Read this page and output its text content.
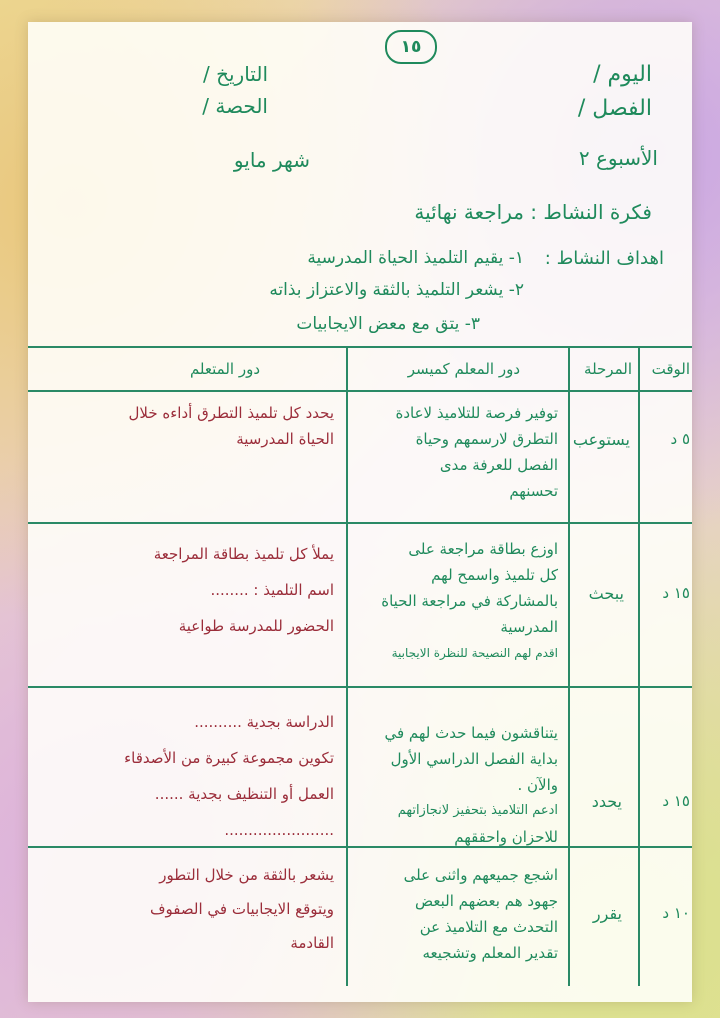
١٥
اليوم /
الفصل /
التاريخ /
الحصة /
الأسبوع ٢
شهر مايو
فكرة النشاط : مراجعة نهائية
اهداف النشاط :
١- يقيم التلميذ الحياة المدرسية
٢- يشعر التلميذ بالثقة والاعتزاز بذاته
٣- يتق مع معض الايجابيات
الوقت
المرحلة
دور المعلم كميسر
دور المتعلم
٥ د
يستوعب
توفير فرصة للتلاميذ لاعادة
التطرق لارسمهم وحياة
الفصل للعرفة مدى
تحسنهم
يحدد كل تلميذ التطرق أداءه خلال
الحياة المدرسية
١٥ د
يبحث
اوزع بطاقة مراجعة على
كل تلميذ واسمح لهم
بالمشاركة في مراجعة الحياة
المدرسية
اقدم لهم النصيحة للنظرة الايجابية
يملأ كل تلميذ بطاقة المراجعة
اسم التلميذ : ........
الحضور للمدرسة طواعية
١٥ د
يحدد
يتناقشون فيما حدث لهم في
بداية الفصل الدراسي الأول
والآن .
ادعم التلاميذ بتحفيز لانجازاتهم
للاحزان واحققهم
الدراسة بجدية ..........
تكوين مجموعة كبيرة من الأصدقاء
العمل أو التنظيف بجدية ......
.......................
١٠ د
يقرر
اشجع جميعهم واثنى على
جهود هم بعضهم البعض
التحدث مع التلاميذ عن
تقدير المعلم وتشجيعه
يشعر بالثقة من خلال التطور
ويتوقع الايجابيات في الصفوف
القادمة
